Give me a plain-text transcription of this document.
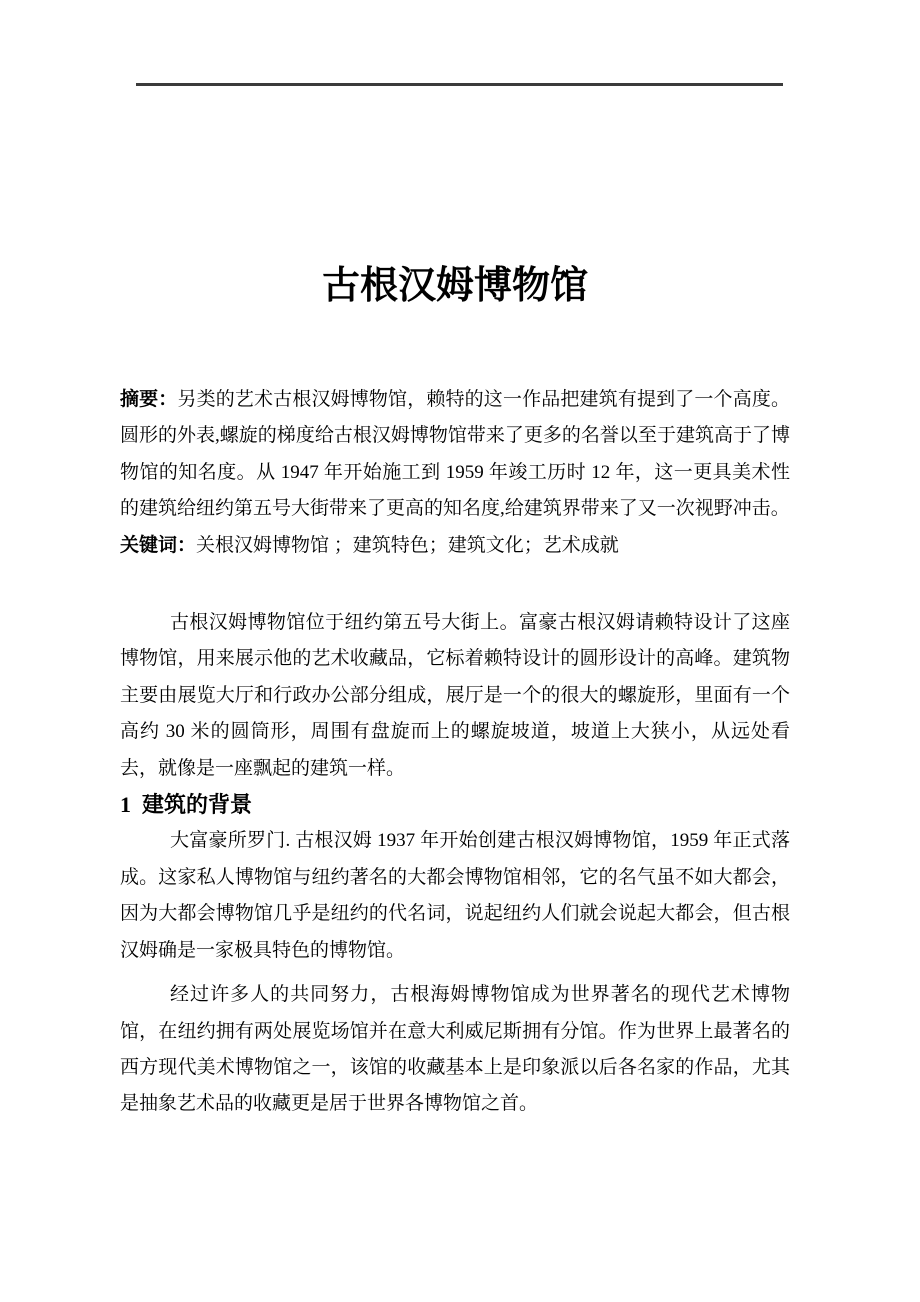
古根汉姆博物馆

摘要：另类的艺术古根汉姆博物馆，赖特的这一作品把建筑有提到了一个高度。圆形的外表,螺旋的梯度给古根汉姆博物馆带来了更多的名誉以至于建筑高于了博物馆的知名度。从 1947 年开始施工到 1959 年竣工历时 12 年，这一更具美术性的建筑给纽约第五号大街带来了更高的知名度,给建筑界带来了又一次视野冲击。

关键词：关根汉姆博物馆 ；建筑特色；建筑文化；艺术成就

古根汉姆博物馆位于纽约第五号大街上。富豪古根汉姆请赖特设计了这座博物馆，用来展示他的艺术收藏品，它标着赖特设计的圆形设计的高峰。建筑物主要由展览大厅和行政办公部分组成，展厅是一个的很大的螺旋形，里面有一个高约 30 米的圆筒形，周围有盘旋而上的螺旋坡道，坡道上大狭小，从远处看去，就像是一座飘起的建筑一样。

1  建筑的背景

大富豪所罗门. 古根汉姆 1937 年开始创建古根汉姆博物馆，1959 年正式落成。这家私人博物馆与纽约著名的大都会博物馆相邻，它的名气虽不如大都会，因为大都会博物馆几乎是纽约的代名词，说起纽约人们就会说起大都会，但古根汉姆确是一家极具特色的博物馆。

经过许多人的共同努力，古根海姆博物馆成为世界著名的现代艺术博物馆，在纽约拥有两处展览场馆并在意大利威尼斯拥有分馆。作为世界上最著名的西方现代美术博物馆之一，该馆的收藏基本上是印象派以后各名家的作品，尤其是抽象艺术品的收藏更是居于世界各博物馆之首。
